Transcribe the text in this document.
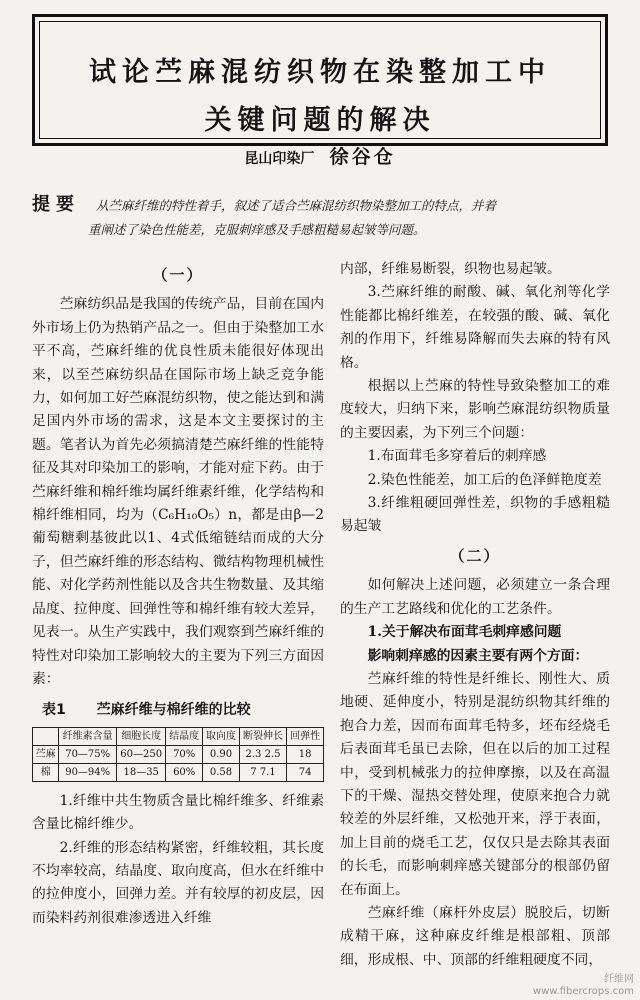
试论苎麻混纺织物在染整加工中
关键问题的解决
昆山印染厂 徐谷仓
提要 从苎麻纤维的特性着手，叙述了适合苎麻混纺织物染整加工的特点，并着
重阐述了染色性能差，克服刺痒感及手感粗糙易起皱等问题。
（一）

苎麻纺织品是我国的传统产品，目前在国内外市场上仍为热销产品之一。但由于染整加工水平不高，苎麻纤维的优良性质未能很好体现出来，以至苎麻纺织品在国际市场上缺乏竞争能力，如何加工好苎麻混纺织物，使之能达到和满足国内外市场的需求，这是本文主要探讨的主题。笔者认为首先必须搞清楚苎麻纤维的性能特征及其对印染加工的影响，才能对症下药。由于苎麻纤维和棉纤维均属纤维素纤维，化学结构和棉纤维相同，均为（C₆H₁₀O₅）n，都是由β—2葡萄糖剩基彼此以1、4式低缩链结而成的大分子，但苎麻纤维的形态结构、微结构物理机械性能、对化学药剂性能以及含共生物数量、及其缩品度、拉伸度、回弹性等和棉纤维有较大差异，见表一。从生产实践中，我们观察到苎麻纤维的特性对印染加工影响较大的主要为下列三方面因素：

表1 苎麻纤维与棉纤维的比较
	纤维素含量	细胞长度	结晶度	取向度	断裂伸长	回弹性
苎麻	70—75%	60—250	70%	0.90	2.3 2.5	18
棉	90—94%	18—35	60%	0.58	7 7.1	74

1.纤维中共生物质含量比棉纤维多、纤维素含量比棉纤维少。

2.纤维的形态结构紧密，纤维较粗，其长度不均率较高，结晶度、取向度高，但水在纤维中的拉伸度小，回弹力差。并有较厚的初皮层，因而染料药剂很难渗透进入纤维

内部，纤维易断裂，织物也易起皱。

3.苎麻纤维的耐酸、碱、氧化剂等化学性能都比棉纤维差，在较强的酸、碱、氧化剂的作用下，纤维易降解而失去麻的特有风格。

根据以上苎麻的特性导致染整加工的难度较大，归纳下来，影响苎麻混纺织物质量的主要因素，为下列三个问题：

1.布面茸毛多穿着后的刺痒感

2.染色性能差，加工后的色泽鲜艳度差

3.纤维粗硬回弹性差，织物的手感粗糙易起皱

（二）

如何解决上述问题，必须建立一条合理的生产工艺路线和优化的工艺条件。

1.关于解决布面茸毛刺痒感问题

影响刺痒感的因素主要有两个方面：

苎麻纤维的特性是纤维长、刚性大、质地硬、延伸度小，特别是混纺织物其纤维的抱合力差，因而布面茸毛特多，坯布经烧毛后表面茸毛虽已去除，但在以后的加工过程中，受到机械张力的拉伸摩擦，以及在高温下的干燥、湿热交替处理，使原来抱合力就较差的外层纤维，又松弛开来，浮于表面，加上目前的烧毛工艺，仅仅只是去除其表面的长毛，而影响刺痒感关键部分的根部仍留在布面上。

苎麻纤维（麻杆外皮层）脱胶后，切断成精干麻，这种麻皮纤维是根部粗、顶部细，形成根、中、顶部的纤维粗硬度不同，

纤维网
www.fibercrops.com
